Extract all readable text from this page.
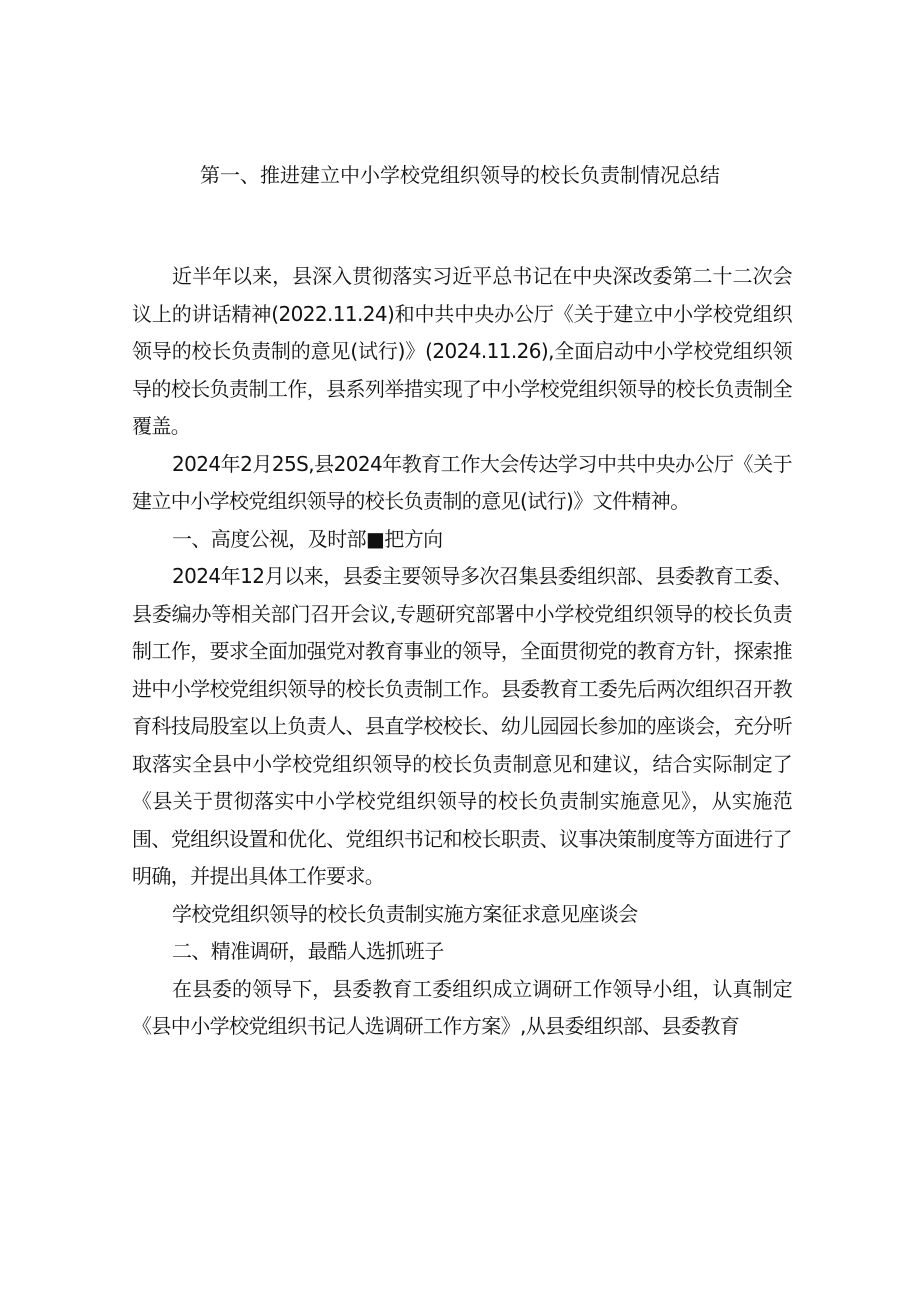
第一、推进建立中小学校党组织领导的校长负责制情况总结

近半年以来，县深入贯彻落实习近平总书记在中央深改委第二十二次会议上的讲话精神(2022.11.24)和中共中央办公厅《关于建立中小学校党组织领导的校长负责制的意见(试行)》(2024.11.26),全面启动中小学校党组织领导的校长负责制工作，县系列举措实现了中小学校党组织领导的校长负责制全覆盖。

2024年2月25S,县2024年教育工作大会传达学习中共中央办公厅《关于建立中小学校党组织领导的校长负责制的意见(试行)》文件精神。

一、高度公视，及时部■把方向

2024年12月以来，县委主要领导多次召集县委组织部、县委教育工委、县委编办等相关部门召开会议,专题研究部署中小学校党组织领导的校长负责制工作，要求全面加强党对教育事业的领导，全面贯彻党的教育方针，探索推进中小学校党组织领导的校长负责制工作。县委教育工委先后两次组织召开教育科技局股室以上负责人、县直学校校长、幼儿园园长参加的座谈会，充分听取落实全县中小学校党组织领导的校长负责制意见和建议，结合实际制定了《县关于贯彻落实中小学校党组织领导的校长负责制实施意见》，从实施范围、党组织设置和优化、党组织书记和校长职责、议事决策制度等方面进行了明确，并提出具体工作要求。

学校党组织领导的校长负责制实施方案征求意见座谈会

二、精准调研，最酷人选抓班子

在县委的领导下，县委教育工委组织成立调研工作领导小组，认真制定《县中小学校党组织书记人选调研工作方案》,从县委组织部、县委教育
